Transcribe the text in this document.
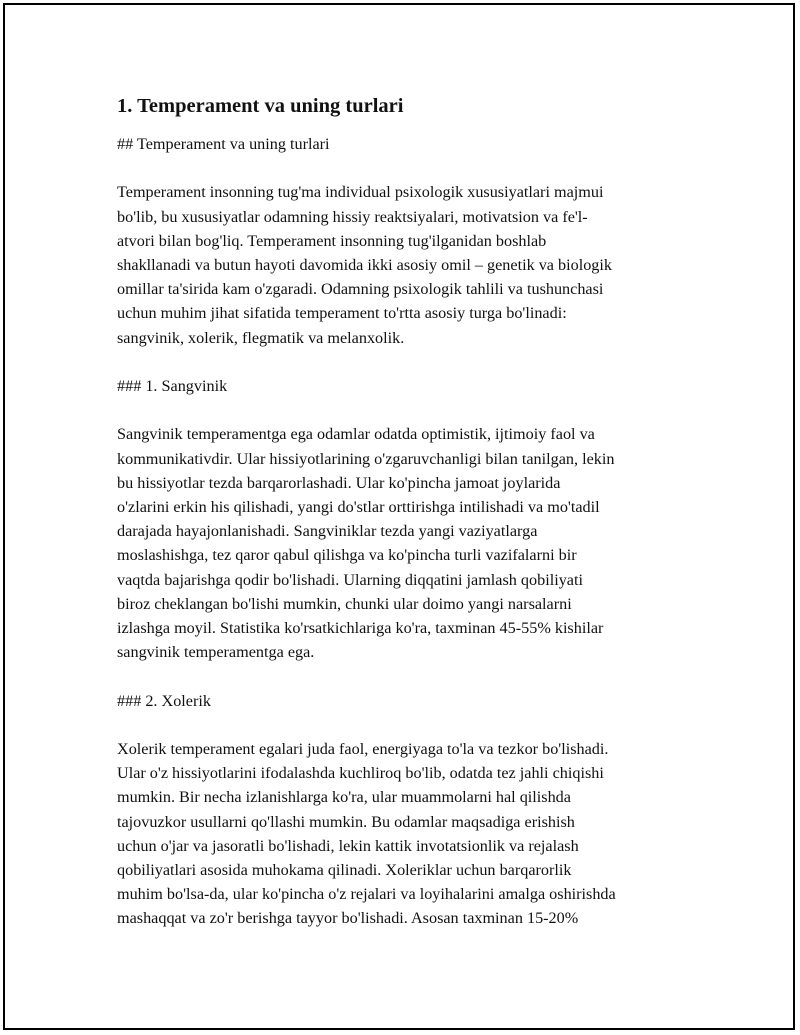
1. Temperament va uning turlari
## Temperament va uning turlari
Temperament insonning tug'ma individual psixologik xususiyatlari majmui
bo'lib, bu xususiyatlar odamning hissiy reaktsiyalari, motivatsion va fe'l-
atvori bilan bog'liq. Temperament insonning tug'ilganidan boshlab
shakllanadi va butun hayoti davomida ikki asosiy omil – genetik va biologik
omillar ta'sirida kam o'zgaradi. Odamning psixologik tahlili va tushunchasi
uchun muhim jihat sifatida temperament to'rtta asosiy turga bo'linadi:
sangvinik, xolerik, flegmatik va melanxolik.
### 1. Sangvinik
Sangvinik temperamentga ega odamlar odatda optimistik, ijtimoiy faol va
kommunikativdir. Ular hissiyotlarining o'zgaruvchanligi bilan tanilgan, lekin
bu hissiyotlar tezda barqarorlashadi. Ular ko'pincha jamoat joylarida
o'zlarini erkin his qilishadi, yangi do'stlar orttirishga intilishadi va mo'tadil
darajada hayajonlanishadi. Sangviniklar tezda yangi vaziyatlarga
moslashishga, tez qaror qabul qilishga va ko'pincha turli vazifalarni bir
vaqtda bajarishga qodir bo'lishadi. Ularning diqqatini jamlash qobiliyati
biroz cheklangan bo'lishi mumkin, chunki ular doimo yangi narsalarni
izlashga moyil. Statistika ko'rsatkichlariga ko'ra, taxminan 45-55% kishilar
sangvinik temperamentga ega.
### 2. Xolerik
Xolerik temperament egalari juda faol, energiyaga to'la va tezkor bo'lishadi.
Ular o'z hissiyotlarini ifodalashda kuchliroq bo'lib, odatda tez jahli chiqishi
mumkin. Bir necha izlanishlarga ko'ra, ular muammolarni hal qilishda
tajovuzkor usullarni qo'llashi mumkin. Bu odamlar maqsadiga erishish
uchun o'jar va jasoratli bo'lishadi, lekin kattik invotatsionlik va rejalash
qobiliyatlari asosida muhokama qilinadi. Xoleriklar uchun barqarorlik
muhim bo'lsa-da, ular ko'pincha o'z rejalari va loyihalarini amalga oshirishda
mashaqqat va zo'r berishga tayyor bo'lishadi. Asosan taxminan 15-20%
